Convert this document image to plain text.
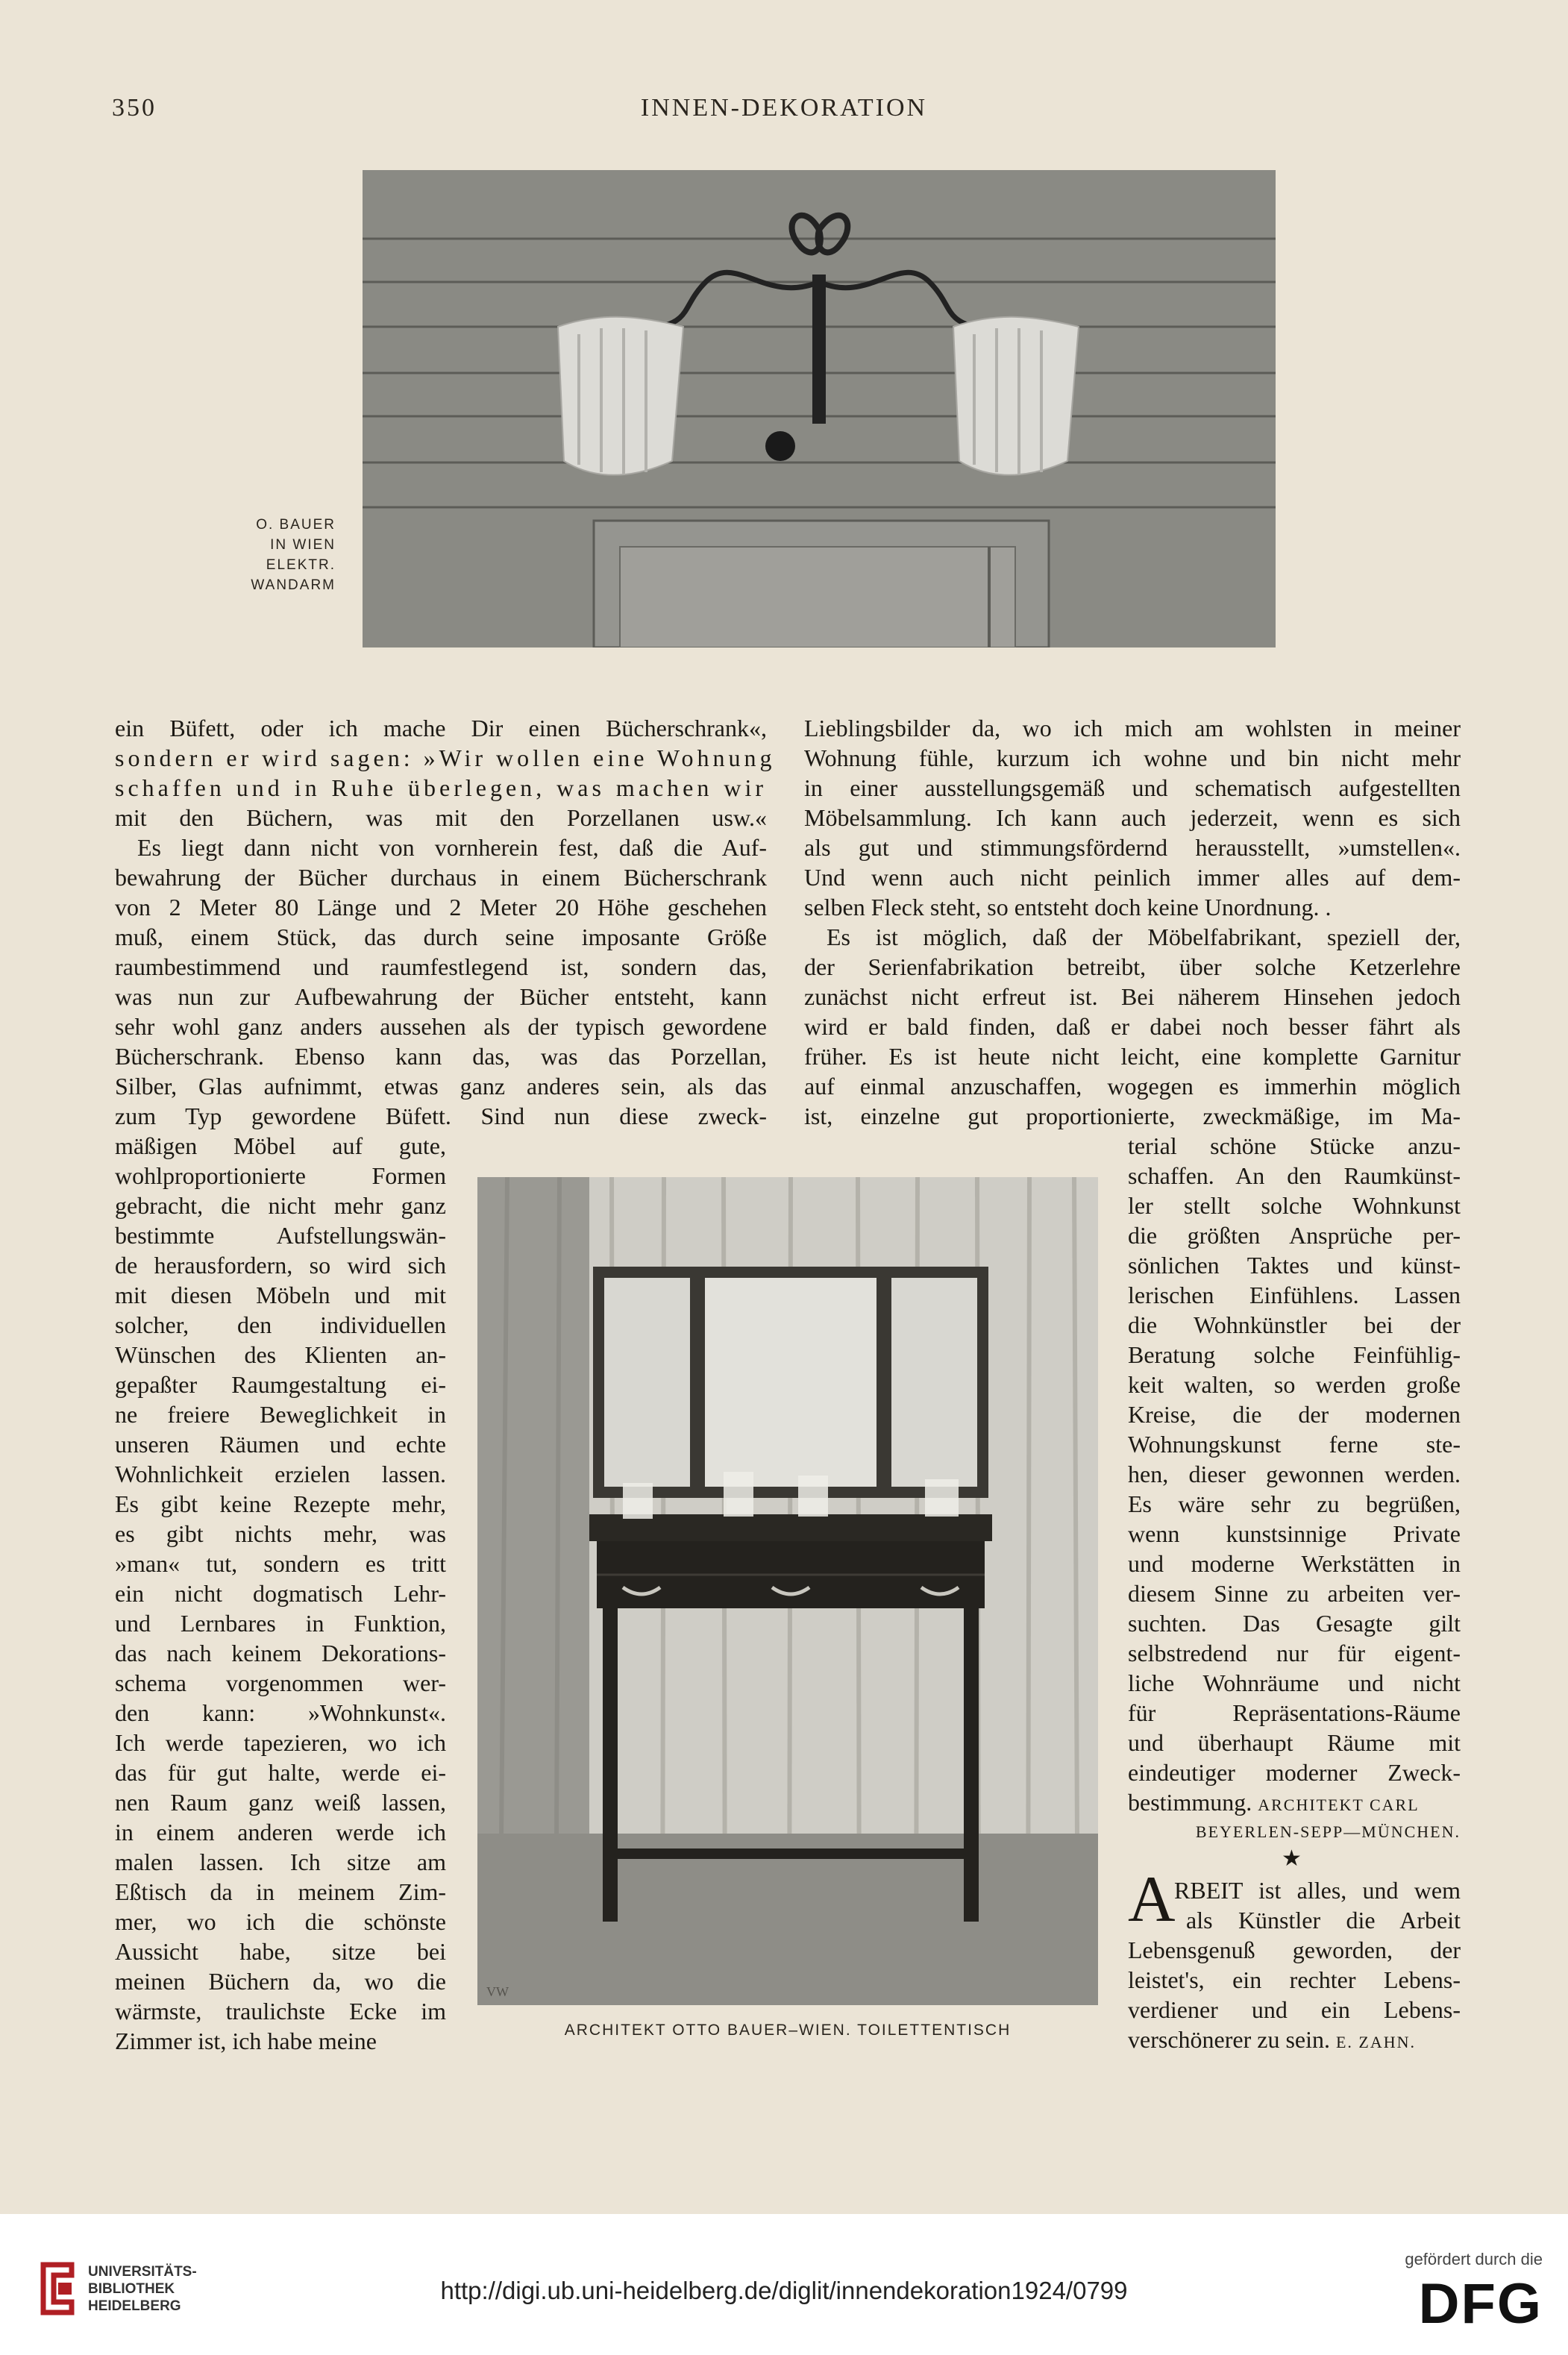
350	INNEN-DEKORATION
O. BAUER
IN WIEN
ELEKTR.
WANDARM
ein Büfett, oder ich mache Dir einen Bücherschrank«,
sondern er wird sagen: »Wir wollen eine Wohnung
schaffen und in Ruhe überlegen, was machen wir
mit den Büchern, was mit den Porzellanen usw.«
Es liegt dann nicht von vornherein fest, daß die Auf-
bewahrung der Bücher durchaus in einem Bücherschrank
von 2 Meter 80 Länge und 2 Meter 20 Höhe geschehen
muß, einem Stück, das durch seine imposante Größe
raumbestimmend und raumfestlegend ist, sondern das,
was nun zur Aufbewahrung der Bücher entsteht, kann
sehr wohl ganz anders aussehen als der typisch gewordene
Bücherschrank. Ebenso kann das, was das Porzellan,
Silber, Glas aufnimmt, etwas ganz anderes sein, als das
zum Typ gewordene Büfett. Sind nun diese zweck-
Lieblingsbilder da, wo ich mich am wohlsten in meiner
Wohnung fühle, kurzum ich wohne und bin nicht mehr
in einer ausstellungsgemäß und schematisch aufgestellten
Möbelsammlung. Ich kann auch jederzeit, wenn es sich
als gut und stimmungsfördernd herausstellt, »umstellen«.
Und wenn auch nicht peinlich immer alles auf dem-
selben Fleck steht, so entsteht doch keine Unordnung. .
Es ist möglich, daß der Möbelfabrikant, speziell der,
der Serienfabrikation betreibt, über solche Ketzerlehre
zunächst nicht erfreut ist. Bei näherem Hinsehen jedoch
wird er bald finden, daß er dabei noch besser fährt als
früher. Es ist heute nicht leicht, eine komplette Garnitur
auf einmal anzuschaffen, wogegen es immerhin möglich
ist, einzelne gut proportionierte, zweckmäßige, im Ma-
mäßigen Möbel auf gute,
wohlproportionierte Formen
gebracht, die nicht mehr ganz
bestimmte Aufstellungswän-
de herausfordern, so wird sich
mit diesen Möbeln und mit
solcher, den individuellen
Wünschen des Klienten an-
gepaßter Raumgestaltung ei-
ne freiere Beweglichkeit in
unseren Räumen und echte
Wohnlichkeit erzielen lassen.
Es gibt keine Rezepte mehr,
es gibt nichts mehr, was
»man« tut, sondern es tritt
ein nicht dogmatisch Lehr-
und Lernbares in Funktion,
das nach keinem Dekorations-
schema vorgenommen wer-
den kann: »Wohnkunst«.
Ich werde tapezieren, wo ich
das für gut halte, werde ei-
nen Raum ganz weiß lassen,
in einem anderen werde ich
malen lassen. Ich sitze am
Eßtisch da in meinem Zim-
mer, wo ich die schönste
Aussicht habe, sitze bei
meinen Büchern da, wo die
wärmste, traulichste Ecke im
Zimmer ist, ich habe meine
VW
ARCHITEKT OTTO BAUER–WIEN. TOILETTENTISCH
terial schöne Stücke anzu-
schaffen. An den Raumkünst-
ler stellt solche Wohnkunst
die größten Ansprüche per-
sönlichen Taktes und künst-
lerischen Einfühlens. Lassen
die Wohnkünstler bei der
Beratung solche Feinfühlig-
keit walten, so werden große
Kreise, die der modernen
Wohnungskunst ferne ste-
hen, dieser gewonnen werden.
Es wäre sehr zu begrüßen,
wenn kunstsinnige Private
und moderne Werkstätten in
diesem Sinne zu arbeiten ver-
suchten. Das Gesagte gilt
selbstredend nur für eigent-
liche Wohnräume und nicht
für Repräsentations-Räume
und überhaupt Räume mit
eindeutiger moderner Zweck-
bestimmung. ARCHITEKT CARL
BEYERLEN-SEPP—MÜNCHEN.
★
A
RBEIT ist alles, und wem
als Künstler die Arbeit
Lebensgenuß geworden, der
leistet's, ein rechter Lebens-
verdiener und ein Lebens-
verschönerer zu sein. E. ZAHN.
UNIVERSITÄTS-
BIBLIOTHEK
HEIDELBERG
http://digi.ub.uni-heidelberg.de/diglit/innendekoration1924/0799
gefördert durch die
DFG
